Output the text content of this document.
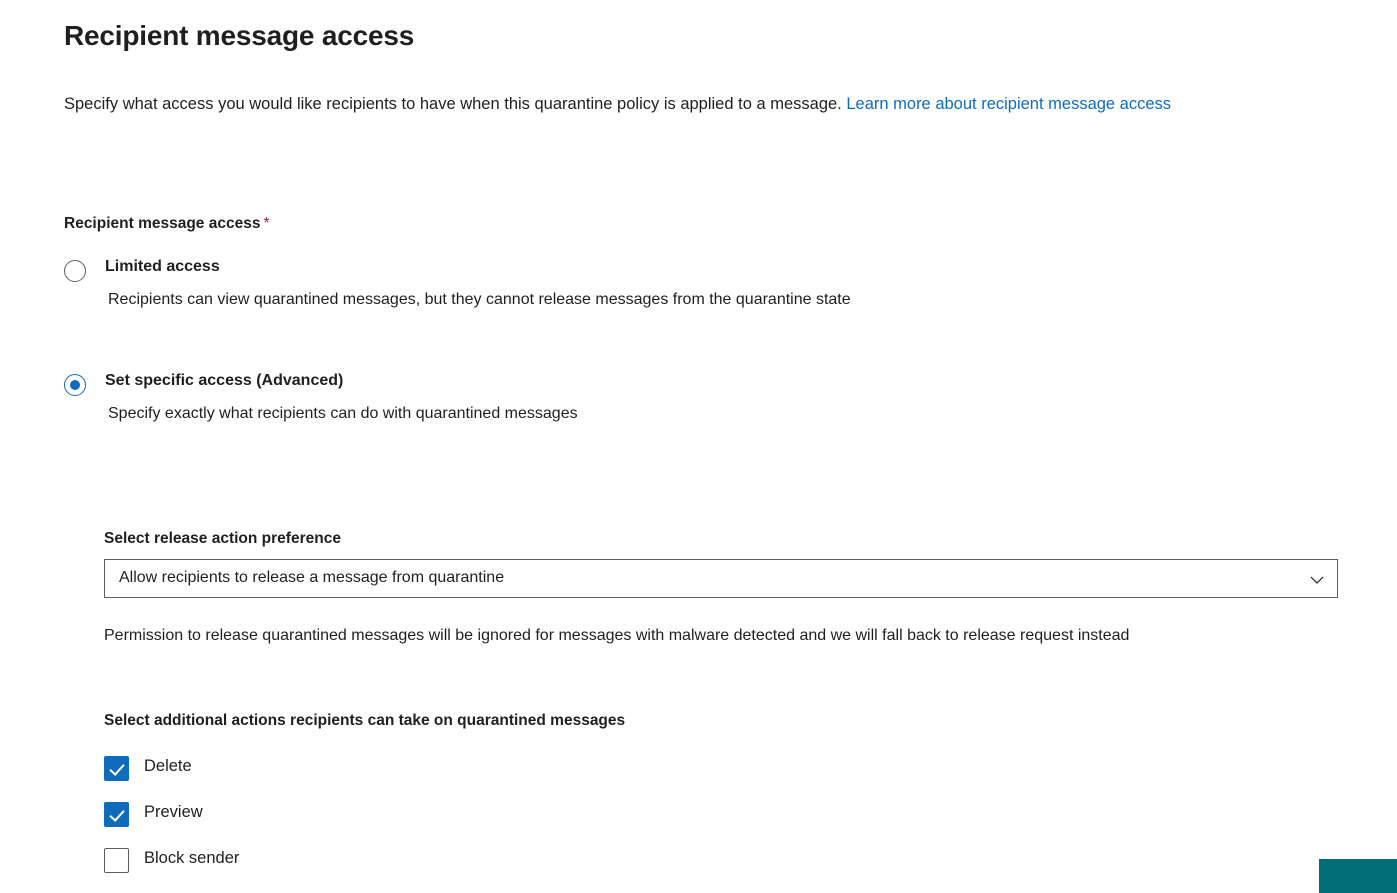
Recipient message access
Specify what access you would like recipients to have when this quarantine policy is applied to a message. Learn more about recipient message access
Recipient message access *
Limited access
Recipients can view quarantined messages, but they cannot release messages from the quarantine state
Set specific access (Advanced)
Specify exactly what recipients can do with quarantined messages
Select release action preference
Allow recipients to release a message from quarantine
Permission to release quarantined messages will be ignored for messages with malware detected and we will fall back to release request instead
Select additional actions recipients can take on quarantined messages
Delete
Preview
Block sender
